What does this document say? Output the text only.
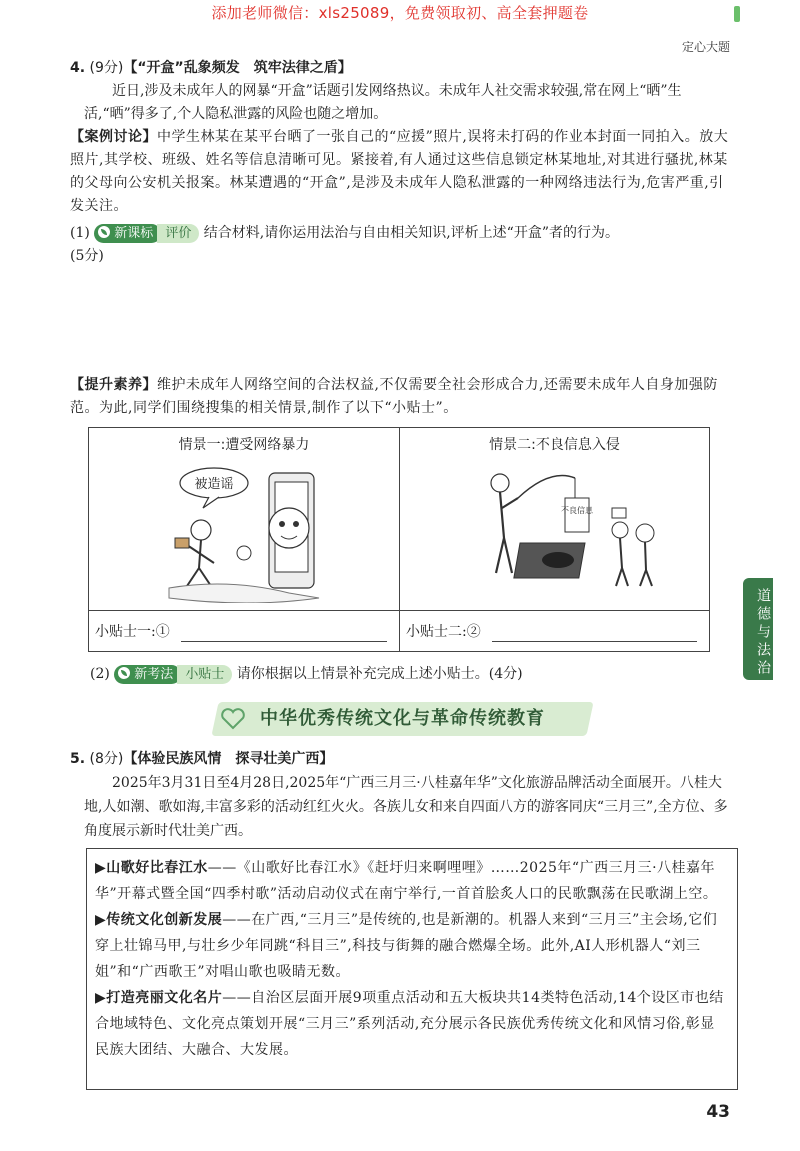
添加老师微信：xls25089，免费领取初、高全套押题卷
定心大题
道德与法治
4. (9分)【“开盒”乱象频发　筑牢法律之盾】
近日,涉及未成年人的网暴“开盒”话题引发网络热议。未成年人社交需求较强,常在网上“晒”生活,“晒”得多了,个人隐私泄露的风险也随之增加。
【案例讨论】中学生林某在某平台晒了一张自己的“应援”照片,误将未打码的作业本封面一同拍入。放大照片,其学校、班级、姓名等信息清晰可见。紧接着,有人通过这些信息锁定林某地址,对其进行骚扰,林某的父母向公安机关报案。林某遭遇的“开盒”,是涉及未成年人隐私泄露的一种网络违法行为,危害严重,引发关注。
(1) 新课标 评价 结合材料,请你运用法治与自由相关知识,评析上述“开盒”者的行为。
(5分)
【提升素养】维护未成年人网络空间的合法权益,不仅需要全社会形成合力,还需要未成年人自身加强防范。为此,同学们围绕搜集的相关情景,制作了以下“小贴士”。
情景一:遭受网络暴力
被造谣
小贴士一:①
情景二:不良信息入侵
不良信息
小贴士二:②
(2) 新考法 小贴士 请你根据以上情景补充完成上述小贴士。(4分)
中华优秀传统文化与革命传统教育
5. (8分)【体验民族风情　探寻壮美广西】
2025年3月31日至4月28日,2025年“广西三月三·八桂嘉年华”文化旅游品牌活动全面展开。八桂大地,人如潮、歌如海,丰富多彩的活动红红火火。各族儿女和来自四面八方的游客同庆“三月三”,全方位、多角度展示新时代壮美广西。

▶山歌好比春江水——《山歌好比春江水》《赶圩归来啊哩哩》……2025年“广西三月三·八桂嘉年华”开幕式暨全国“四季村歌”活动启动仪式在南宁举行,一首首脍炙人口的民歌飘荡在民歌湖上空。

▶传统文化创新发展——在广西,“三月三”是传统的,也是新潮的。机器人来到“三月三”主会场,它们穿上壮锦马甲,与壮乡少年同跳“科目三”,科技与街舞的融合燃爆全场。此外,AI人形机器人“刘三姐”和“广西歌王”对唱山歌也吸睛无数。

▶打造亮丽文化名片——自治区层面开展9项重点活动和五大板块共14类特色活动,14个设区市也结合地域特色、文化亮点策划开展“三月三”系列活动,充分展示各民族优秀传统文化和风情习俗,彰显民族大团结、大融合、大发展。

43
